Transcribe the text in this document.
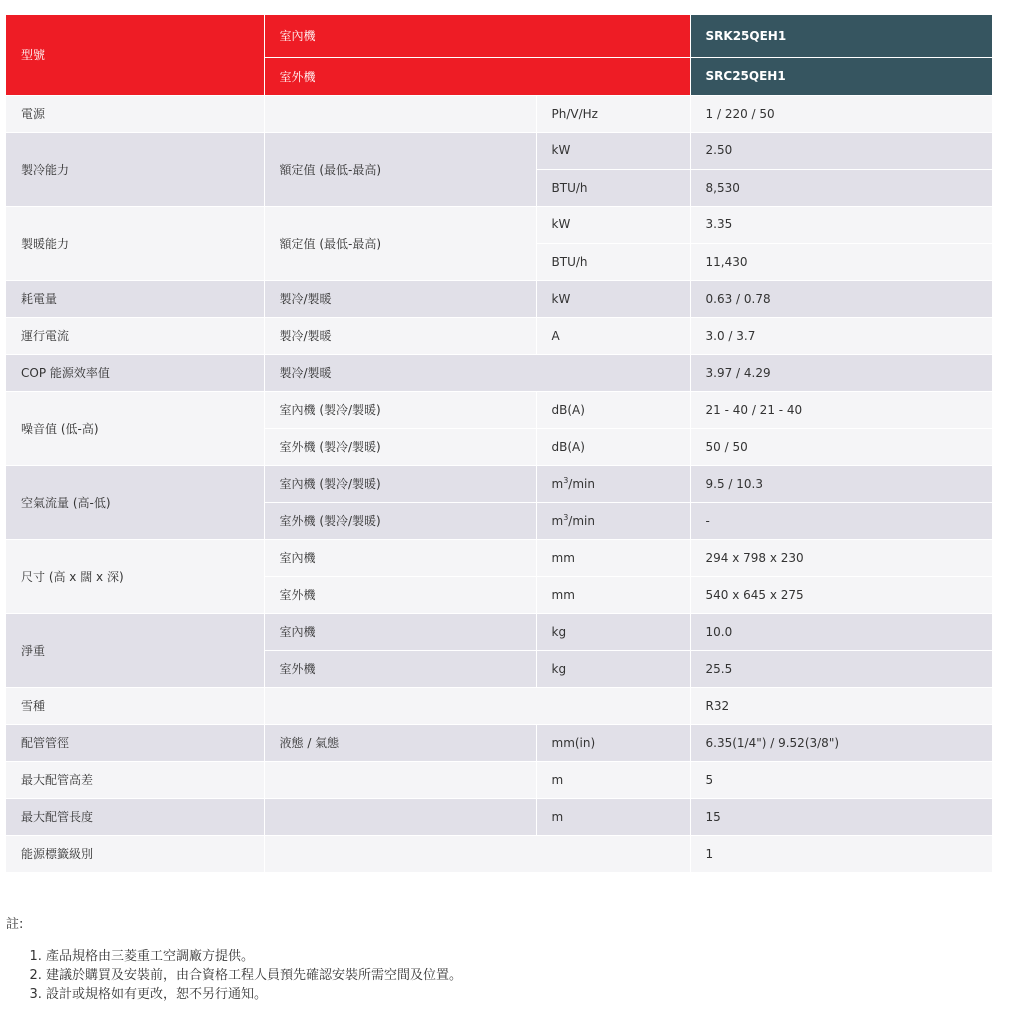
型號	室內機		SRK25QEH1
	室外機		SRC25QEH1
電源		Ph/V/Hz	1 / 220 / 50
製冷能力	額定值 (最低-最高)	kW	2.50
		BTU/h	8,530
製暖能力	額定值 (最低-最高)	kW	3.35
		BTU/h	11,430
耗電量	製冷/製暖	kW	0.63 / 0.78
運行電流	製冷/製暖	A	3.0 / 3.7
COP 能源效率值	製冷/製暖		3.97 / 4.29
噪音值 (低-高)	室內機 (製冷/製暖)	dB(A)	21 - 40 / 21 - 40
	室外機 (製冷/製暖)	dB(A)	50 / 50
空氣流量 (高-低)	室內機 (製冷/製暖)	$m^3/\min$	9.5 / 10.3
	室外機 (製冷/製暖)	$m^3/\min$	-
尺寸 (高 x 闊 x 深)	室內機	mm	294 x 798 x 230
	室外機	mm	540 x 645 x 275
淨重	室內機	kg	10.0
	室外機	kg	25.5
雪種			R32
配管管徑	液態 / 氣態	mm(in)	6.35(1/4") / 9.52(3/8")
最大配管高差		m	5
最大配管長度		m	15
能源標籤級別			1
註:
1. 產品規格由三菱重工空調廠方提供。
2. 建議於購買及安裝前，由合資格工程人員預先確認安裝所需空間及位置。
3. 設計或規格如有更改，恕不另行通知。
